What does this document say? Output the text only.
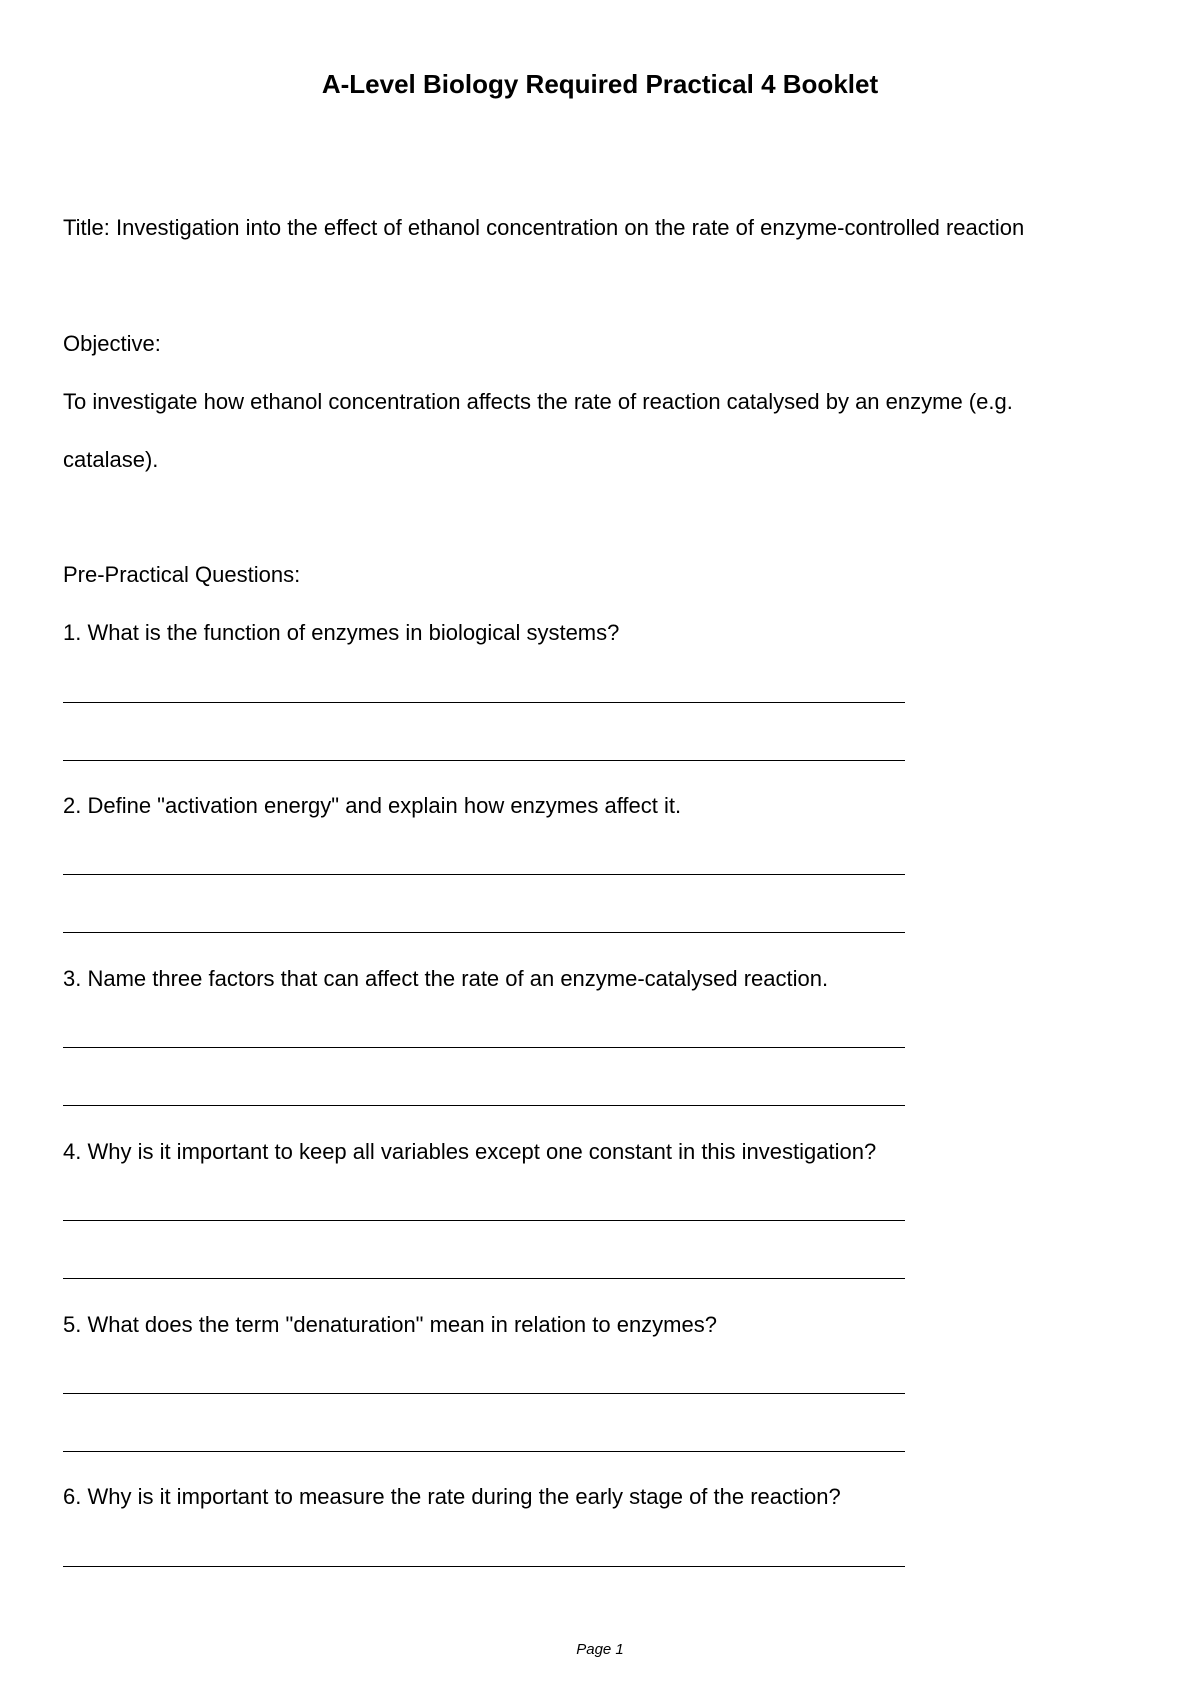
A-Level Biology Required Practical 4 Booklet
Title: Investigation into the effect of ethanol concentration on the rate of enzyme-controlled reaction
Objective:
To investigate how ethanol concentration affects the rate of reaction catalysed by an enzyme (e.g.
catalase).
Pre-Practical Questions:
1. What is the function of enzymes in biological systems?
2. Define "activation energy" and explain how enzymes affect it.
3. Name three factors that can affect the rate of an enzyme-catalysed reaction.
4. Why is it important to keep all variables except one constant in this investigation?
5. What does the term "denaturation" mean in relation to enzymes?
6. Why is it important to measure the rate during the early stage of the reaction?
Page 1
